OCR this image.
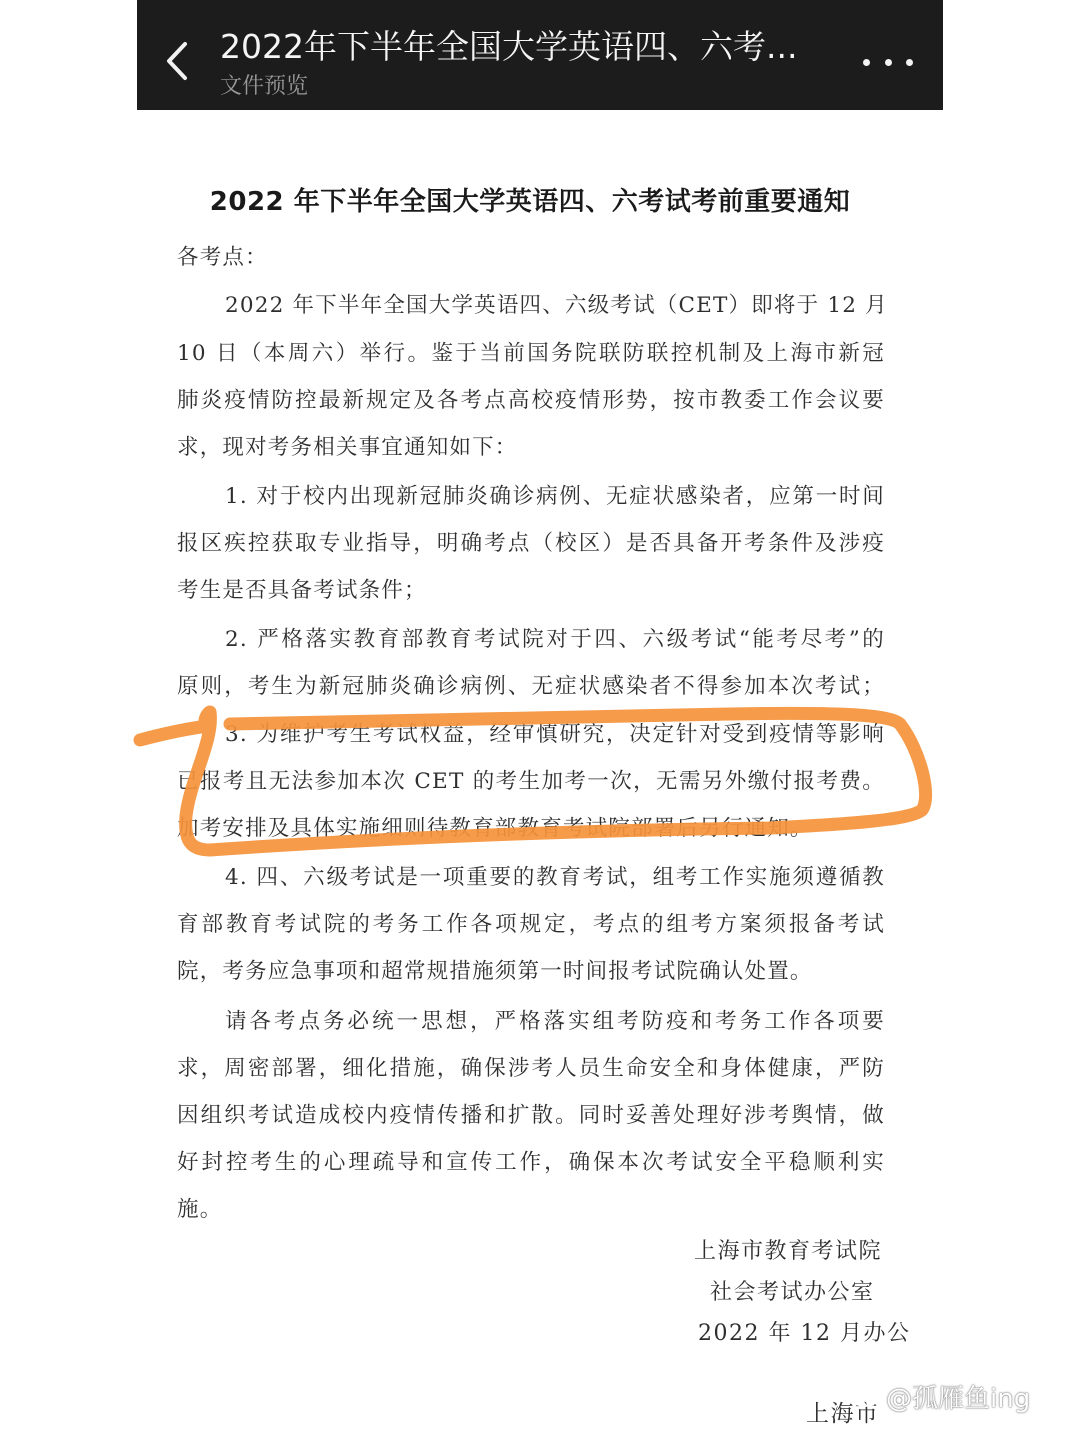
2022年下半年全国大学英语四、六考...
文件预览
2022 年下半年全国大学英语四、六考试考前重要通知
各考点：
2022 年下半年全国大学英语四、六级考试（CET）即将于 12 月
10 日（本周六）举行。鉴于当前国务院联防联控机制及上海市新冠
肺炎疫情防控最新规定及各考点高校疫情形势，按市教委工作会议要
求，现对考务相关事宜通知如下：
1. 对于校内出现新冠肺炎确诊病例、无症状感染者，应第一时间
报区疾控获取专业指导，明确考点（校区）是否具备开考条件及涉疫
考生是否具备考试条件；
2. 严格落实教育部教育考试院对于四、六级考试“能考尽考”的
原则，考生为新冠肺炎确诊病例、无症状感染者不得参加本次考试；
3. 为维护考生考试权益，经审慎研究，决定针对受到疫情等影响
已报考且无法参加本次 CET 的考生加考一次，无需另外缴付报考费。
加考安排及具体实施细则待教育部教育考试院部署后另行通知。
4. 四、六级考试是一项重要的教育考试，组考工作实施须遵循教
育部教育考试院的考务工作各项规定，考点的组考方案须报备考试
院，考务应急事项和超常规措施须第一时间报考试院确认处置。
请各考点务必统一思想，严格落实组考防疫和考务工作各项要
求，周密部署，细化措施，确保涉考人员生命安全和身体健康，严防
因组织考试造成校内疫情传播和扩散。同时妥善处理好涉考舆情，做
好封控考生的心理疏导和宣传工作，确保本次考试安全平稳顺利实
施。
上海市教育考试院
社会考试办公室
2022 年 12 月办公
上海市 @孤雁鱼ing
